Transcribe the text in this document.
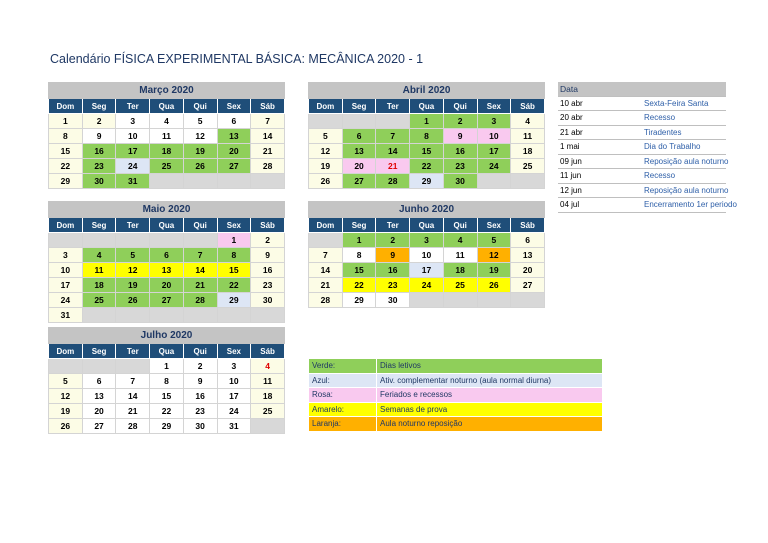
Calendário FÍSICA EXPERIMENTAL BÁSICA: MECÂNICA 2020 - 1
Março 2020						
Dom	Seg	Ter	Qua	Qui	Sex	Sáb
1	2	3	4	5	6	7
8	9	10	11	12	13	14
15	16	17	18	19	20	21
22	23	24	25	26	27	28
29	30	31				
Abril 2020						
Dom	Seg	Ter	Qua	Qui	Sex	Sáb
			1	2	3	4
5	6	7	8	9	10	11
12	13	14	15	16	17	18
19	20	21	22	23	24	25
26	27	28	29	30		
Maio 2020						
Dom	Seg	Ter	Qua	Qui	Sex	Sáb
					1	2
3	4	5	6	7	8	9
10	11	12	13	14	15	16
17	18	19	20	21	22	23
24	25	26	27	28	29	30
31						
Junho 2020						
Dom	Seg	Ter	Qua	Qui	Sex	Sáb
	1	2	3	4	5	6
7	8	9	10	11	12	13
14	15	16	17	18	19	20
21	22	23	24	25	26	27
28	29	30				
Julho 2020						
Dom	Seg	Ter	Qua	Qui	Sex	Sáb
			1	2	3	4
5	6	7	8	9	10	11
12	13	14	15	16	17	18
19	20	21	22	23	24	25
26	27	28	29	30	31	
Data	
10 abr	Sexta-Feira Santa
20 abr	Recesso
21 abr	Tiradentes
1 mai	Dia do Trabalho
09 jun	Reposição aula noturno
11 jun	Recesso
12 jun	Reposição aula noturno
04 jul	Encerramento 1er periodo
Verde:	Dias letivos
Azul:	Ativ. complementar noturno (aula normal diurna)
Rosa:	Feriados e recessos
Amarelo:	Semanas de prova
Laranja:	Aula noturno reposição
